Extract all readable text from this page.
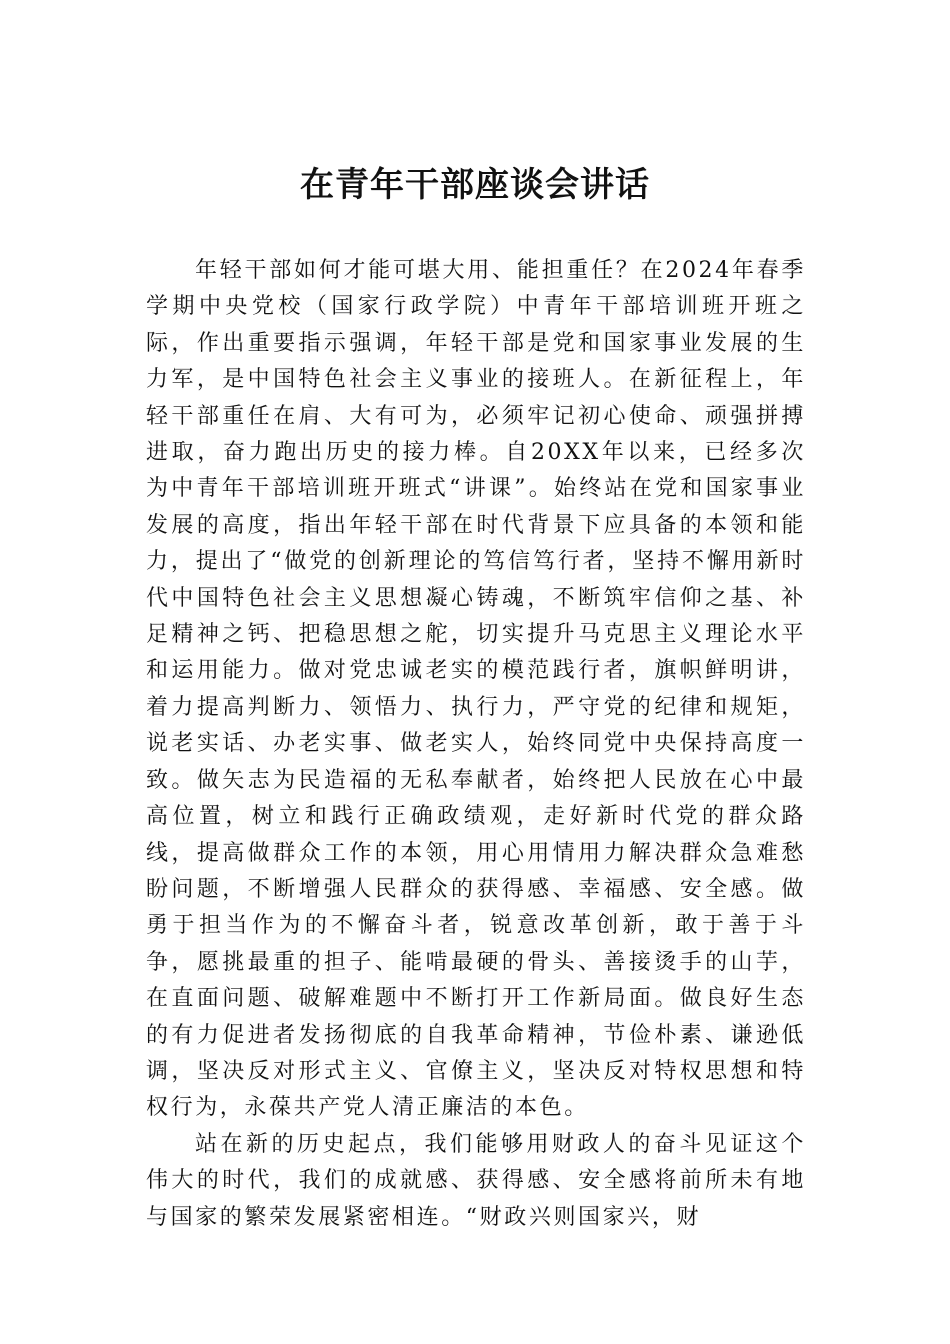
在青年干部座谈会讲话

年轻干部如何才能可堪大用、能担重任？在2024年春季学期中央党校（国家行政学院）中青年干部培训班开班之际，作出重要指示强调，年轻干部是党和国家事业发展的生力军，是中国特色社会主义事业的接班人。在新征程上，年轻干部重任在肩、大有可为，必须牢记初心使命、顽强拼搏进取，奋力跑出历史的接力棒。自20XX年以来，已经多次为中青年干部培训班开班式“讲课”。始终站在党和国家事业发展的高度，指出年轻干部在时代背景下应具备的本领和能力，提出了“做党的创新理论的笃信笃行者，坚持不懈用新时代中国特色社会主义思想凝心铸魂，不断筑牢信仰之基、补足精神之钙、把稳思想之舵，切实提升马克思主义理论水平和运用能力。做对党忠诚老实的模范践行者，旗帜鲜明讲，着力提高判断力、领悟力、执行力，严守党的纪律和规矩，说老实话、办老实事、做老实人，始终同党中央保持高度一致。做矢志为民造福的无私奉献者，始终把人民放在心中最高位置，树立和践行正确政绩观，走好新时代党的群众路线，提高做群众工作的本领，用心用情用力解决群众急难愁盼问题，不断增强人民群众的获得感、幸福感、安全感。做勇于担当作为的不懈奋斗者，锐意改革创新，敢于善于斗争，愿挑最重的担子、能啃最硬的骨头、善接烫手的山芋，在直面问题、破解难题中不断打开工作新局面。做良好生态的有力促进者发扬彻底的自我革命精神，节俭朴素、谦逊低调，坚决反对形式主义、官僚主义，坚决反对特权思想和特权行为，永葆共产党人清正廉洁的本色。

站在新的历史起点，我们能够用财政人的奋斗见证这个伟大的时代，我们的成就感、获得感、安全感将前所未有地与国家的繁荣发展紧密相连。“财政兴则国家兴，财
